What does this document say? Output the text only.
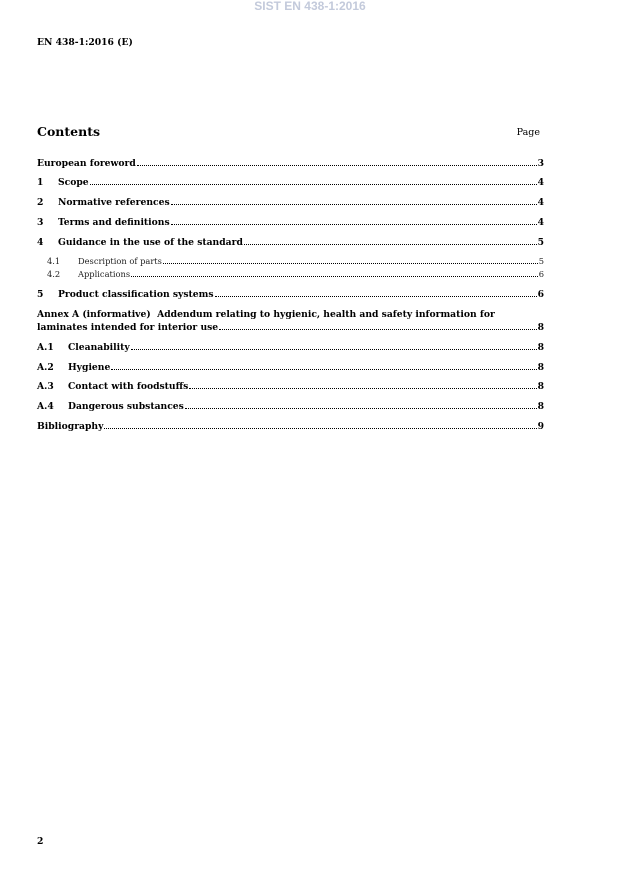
SIST EN 438-1:2016
EN 438-1:2016 (E)
Contents	Page
European foreword	3
1	Scope	4
2	Normative references	4
3	Terms and definitions	4
4	Guidance in the use of the standard	5
4.1	Description of parts	5
4.2	Applications	6
5	Product classification systems	6
Annex A (informative)  Addendum relating to hygienic, health and safety information for
laminates intended for interior use	8
A.1	Cleanability	8
A.2	Hygiene	8
A.3	Contact with foodstuffs	8
A.4	Dangerous substances	8
Bibliography	9
2
